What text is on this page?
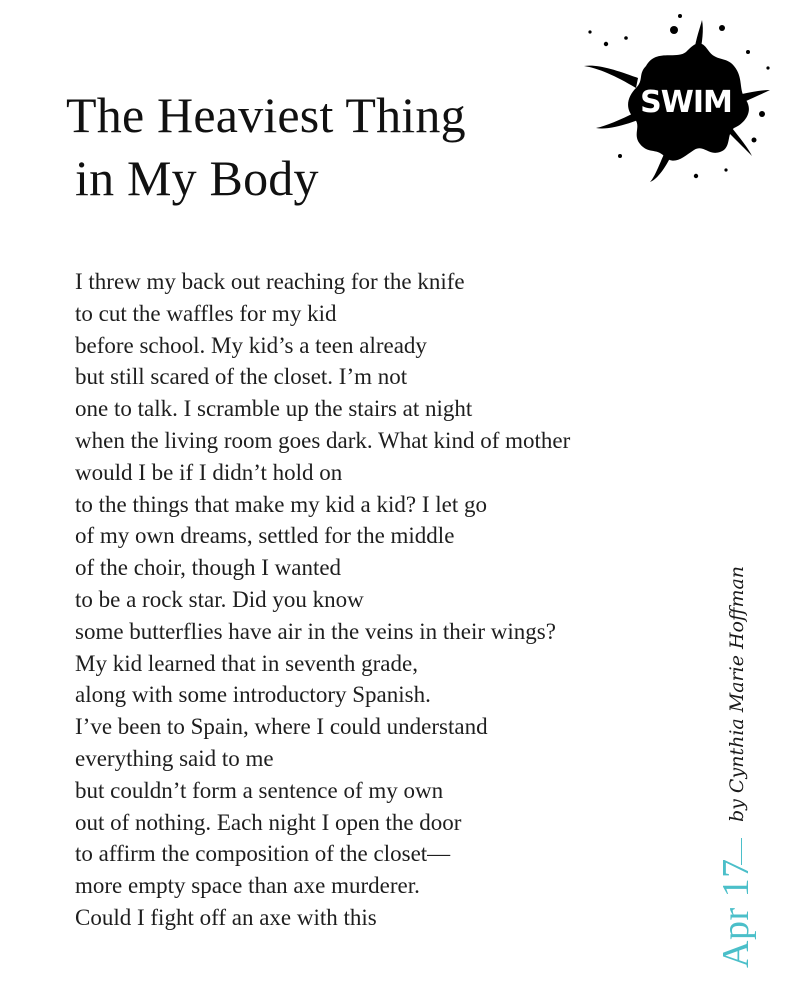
The Heaviest Thing
in My Body
SWIM
I threw my back out reaching for the knife
to cut the waffles for my kid
before school. My kid’s a teen already
but still scared of the closet. I’m not
one to talk. I scramble up the stairs at night
when the living room goes dark. What kind of mother
would I be if I didn’t hold on
to the things that make my kid a kid? I let go
of my own dreams, settled for the middle
of the choir, though I wanted
to be a rock star. Did you know
some butterflies have air in the veins in their wings?
My kid learned that in seventh grade,
along with some introductory Spanish.
I’ve been to Spain, where I could understand
everything said to me
but couldn’t form a sentence of my own
out of nothing. Each night I open the door
to affirm the composition of the closet—
more empty space than axe murderer.
Could I fight off an axe with this
by Cynthia Marie Hoffman
Apr 17
